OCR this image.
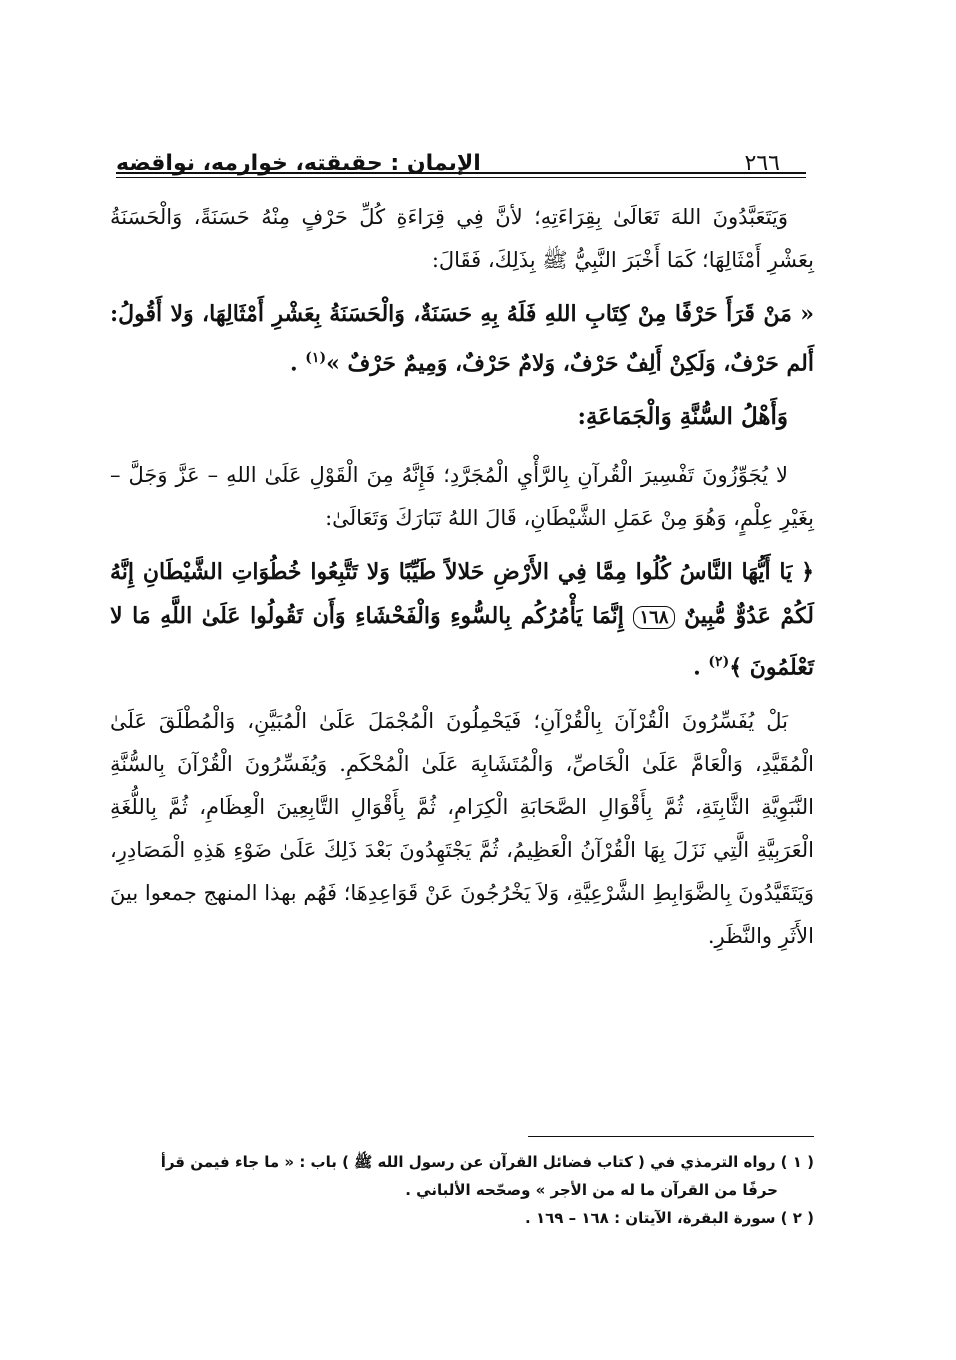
٢٦٦
الإيمان : حقيقته، خوارمه، نواقضه

وَيَتَعَبَّدُونَ اللهَ تَعَالَىٰ بِقِرَاءَتِهِ؛ لأنَّ فِي قِرَاءَةِ كُلِّ حَرْفٍ مِنْهُ حَسَنَةً، وَالْحَسَنَةُ بِعَشْرِ أَمْثَالِهَا؛ كَمَا أَخْبَرَ النَّبِيُّ ﷺ بِذَلِكَ، فَقَالَ:

« مَنْ قَرَأَ حَرْفًا مِنْ كِتَابِ اللهِ فَلَهُ بِهِ حَسَنَةٌ، وَالْحَسَنَةُ بِعَشْرِ أَمْثَالِهَا، وَلا أَقُولُ: أَلم حَرْفٌ، وَلَكِنْ أَلِفٌ حَرْفٌ، وَلامٌ حَرْفٌ، وَمِيمٌ حَرْفٌ »$^{(١)}$ .

وَأَهْلُ السُّنَّةِ وَالْجَمَاعَةِ:

لا يُجَوِّزُونَ تَفْسِيرَ الْقُرآنِ بِالرَّأْيِ الْمُجَرَّدِ؛ فَإِنَّهُ مِنَ الْقَوْلِ عَلَىٰ اللهِ – عَزَّ وَجَلَّ – بِغَيْرِ عِلْمٍ، وَهُوَ مِنْ عَمَلِ الشَّيْطَانِ، قَالَ اللهُ تَبَارَكَ وَتَعَالَىٰ:

﴿ يَا أَيُّهَا النَّاسُ كُلُوا مِمَّا فِي الأَرْضِ حَلالاً طَيِّبًا وَلا تَتَّبِعُوا خُطُوَاتِ الشَّيْطَانِ إِنَّهُ لَكُمْ عَدُوٌّ مُّبِينٌ ١٦٨ إِنَّمَا يَأْمُرُكُم بِالسُّوءِ وَالْفَحْشَاءِ وَأَن تَقُولُوا عَلَىٰ اللَّهِ مَا لا تَعْلَمُونَ ﴾$^{(٢)}$ .

بَلْ يُفَسِّرُونَ الْقُرْآنَ بِالْقُرْآنِ؛ فَيَحْمِلُونَ الْمُجْمَلَ عَلَىٰ الْمُبَيَّنِ، وَالْمُطْلَقَ عَلَىٰ الْمُقَيَّدِ، وَالْعَامَّ عَلَىٰ الْخَاصِّ، وَالْمُتَشَابِهَ عَلَىٰ الْمُحْكَمِ. وَيُفَسِّرُونَ الْقُرْآنَ بِالسُّنَّةِ النَّبَوِيَّةِ الثَّابِتَةِ، ثُمَّ بِأَقْوَالِ الصَّحَابَةِ الْكِرَامِ، ثُمَّ بِأَقْوَالِ التَّابِعِينَ الْعِظَامِ، ثُمَّ بِاللُّغَةِ الْعَرَبِيَّةِ الَّتِي نَزَلَ بِهَا الْقُرْآنُ الْعَظِيمُ، ثُمَّ يَجْتَهِدُونَ بَعْدَ ذَلِكَ عَلَىٰ ضَوْءِ هَذِهِ الْمَصَادِرِ، وَيَتَقَيَّدُونَ بِالضَّوَابِطِ الشَّرْعِيَّةِ، وَلاَ يَخْرُجُونَ عَنْ قَوَاعِدِهَا؛ فَهُم بهذا المنهج جمعوا بينَ الأَثَرِ والنَّظَرِ.

( ١ ) رواه الترمذي في ( كتاب فضائل القرآن عن رسول الله ﷺ ) باب : « ما جاء فيمن قرأ

حرفًا من القرآن ما له من الأجر » وصحّحه الألباني .

( ٢ ) سورة البقرة، الآيتان : ١٦٨ – ١٦٩ .
